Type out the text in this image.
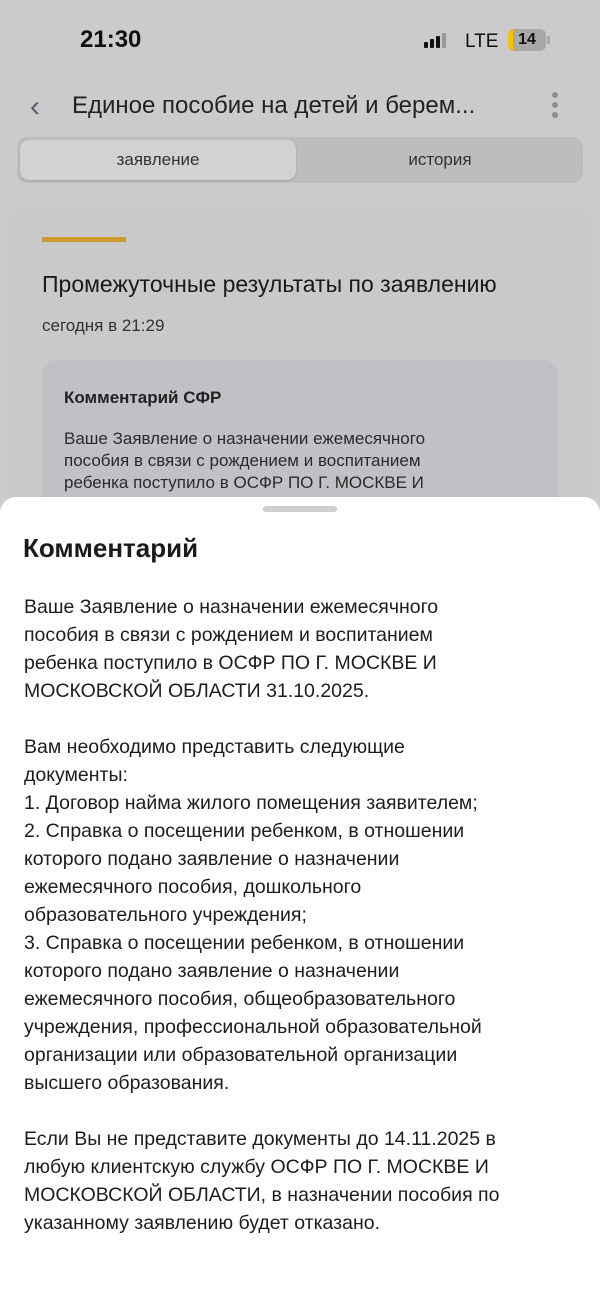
21:30	LTE	14
‹ Единое пособие на детей и берем...
заявление	история
Промежуточные результаты по заявлению
сегодня в 21:29
Комментарий СФР
Ваше Заявление о назначении ежемесячного
пособия в связи с рождением и воспитанием
ребенка поступило в ОСФР ПО Г. МОСКВЕ И
Комментарий
Ваше Заявление о назначении ежемесячного
пособия в связи с рождением и воспитанием
ребенка поступило в ОСФР ПО Г. МОСКВЕ И
МОСКОВСКОЙ ОБЛАСТИ 31.10.2025.
Вам необходимо представить следующие
документы:
1. Договор найма жилого помещения заявителем;
2. Справка о посещении ребенком, в отношении
которого подано заявление о назначении
ежемесячного пособия, дошкольного
образовательного учреждения;
3. Справка о посещении ребенком, в отношении
которого подано заявление о назначении
ежемесячного пособия, общеобразовательного
учреждения, профессиональной образовательной
организации или образовательной организации
высшего образования.
Если Вы не представите документы до 14.11.2025 в
любую клиентскую службу ОСФР ПО Г. МОСКВЕ И
МОСКОВСКОЙ ОБЛАСТИ, в назначении пособия по
указанному заявлению будет отказано.
